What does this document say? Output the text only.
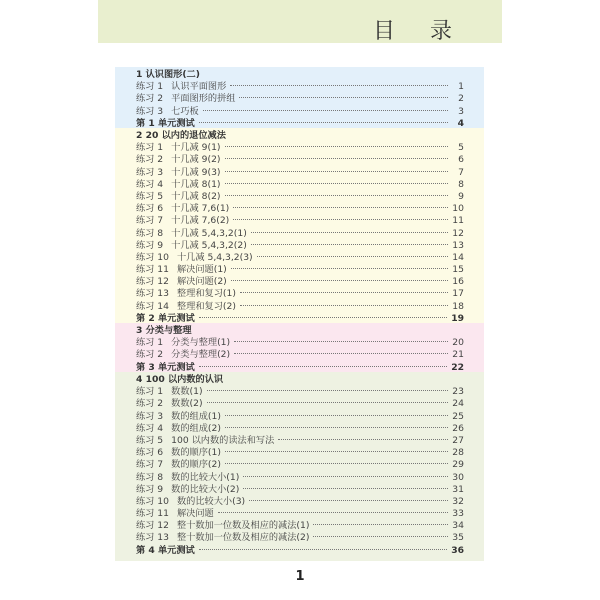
目 录
1 认识图形(二)
练习 1 认识平面图形	1
练习 2 平面图形的拼组	2
练习 3 七巧板	3
第 1 单元测试	4
2 20 以内的退位减法
练习 1 十几减 9(1)	5
练习 2 十几减 9(2)	6
练习 3 十几减 9(3)	7
练习 4 十几减 8(1)	8
练习 5 十几减 8(2)	9
练习 6 十几减 7,6(1)	10
练习 7 十几减 7,6(2)	11
练习 8 十几减 5,4,3,2(1)	12
练习 9 十几减 5,4,3,2(2)	13
练习 10 十几减 5,4,3,2(3)	14
练习 11 解决问题(1)	15
练习 12 解决问题(2)	16
练习 13 整理和复习(1)	17
练习 14 整理和复习(2)	18
第 2 单元测试	19
3 分类与整理
练习 1 分类与整理(1)	20
练习 2 分类与整理(2)	21
第 3 单元测试	22
4 100 以内数的认识
练习 1 数数(1)	23
练习 2 数数(2)	24
练习 3 数的组成(1)	25
练习 4 数的组成(2)	26
练习 5 100 以内数的读法和写法	27
练习 6 数的顺序(1)	28
练习 7 数的顺序(2)	29
练习 8 数的比较大小(1)	30
练习 9 数的比较大小(2)	31
练习 10 数的比较大小(3)	32
练习 11 解决问题	33
练习 12 整十数加一位数及相应的减法(1)	34
练习 13 整十数加一位数及相应的减法(2)	35
第 4 单元测试	36
1
